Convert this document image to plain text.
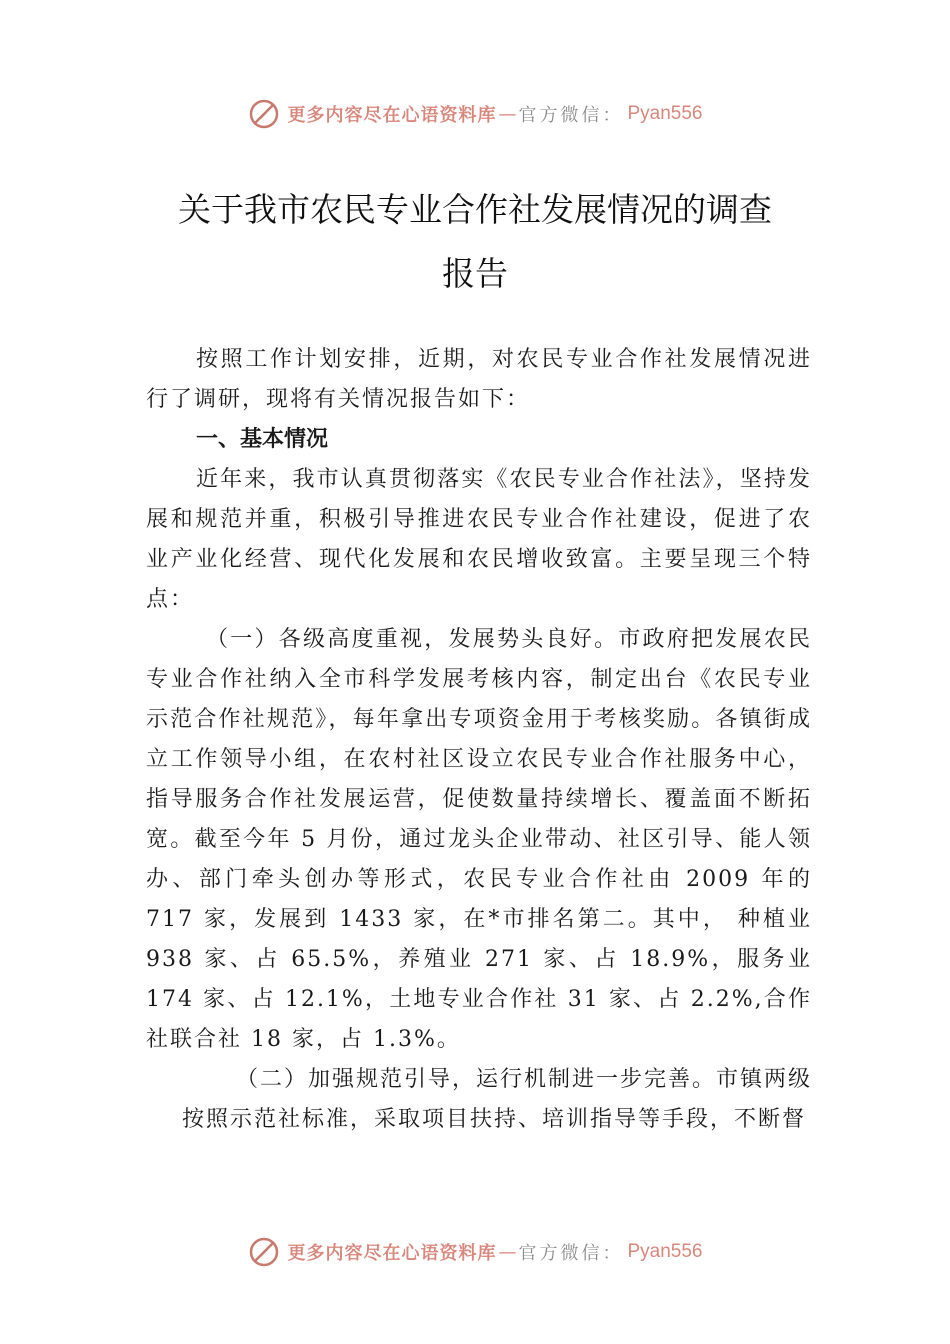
更多内容尽在心语资料库 — 官方微信： Pyan556
关于我市农民专业合作社发展情况的调查
报告

按照工作计划安排，近期，对农民专业合作社发展情况进行了调研，现将有关情况报告如下：

一、基本情况

近年来，我市认真贯彻落实《农民专业合作社法》，坚持发展和规范并重，积极引导推进农民专业合作社建设，促进了农业产业化经营、现代化发展和农民增收致富。主要呈现三个特点：

（一）各级高度重视，发展势头良好。市政府把发展农民专业合作社纳入全市科学发展考核内容，制定出台《农民专业示范合作社规范》，每年拿出专项资金用于考核奖励。各镇街成立工作领导小组，在农村社区设立农民专业合作社服务中心，指导服务合作社发展运营，促使数量持续增长、覆盖面不断拓宽。截至今年 5 月份，通过龙头企业带动、社区引导、能人领办、部门牵头创办等形式，农民专业合作社由 2009 年的 717 家，发展到 1433 家，在*市排名第二。其中， 种植业 938 家、占 65.5%，养殖业 271 家、占 18.9%，服务业 174 家、占 12.1%，土地专业合作社 31 家、占 2.2%,合作社联合社 18 家，占 1.3%。

（二）加强规范引导，运行机制进一步完善。市镇两级

按照示范社标准，采取项目扶持、培训指导等手段，不断督
更多内容尽在心语资料库 — 官方微信： Pyan556
